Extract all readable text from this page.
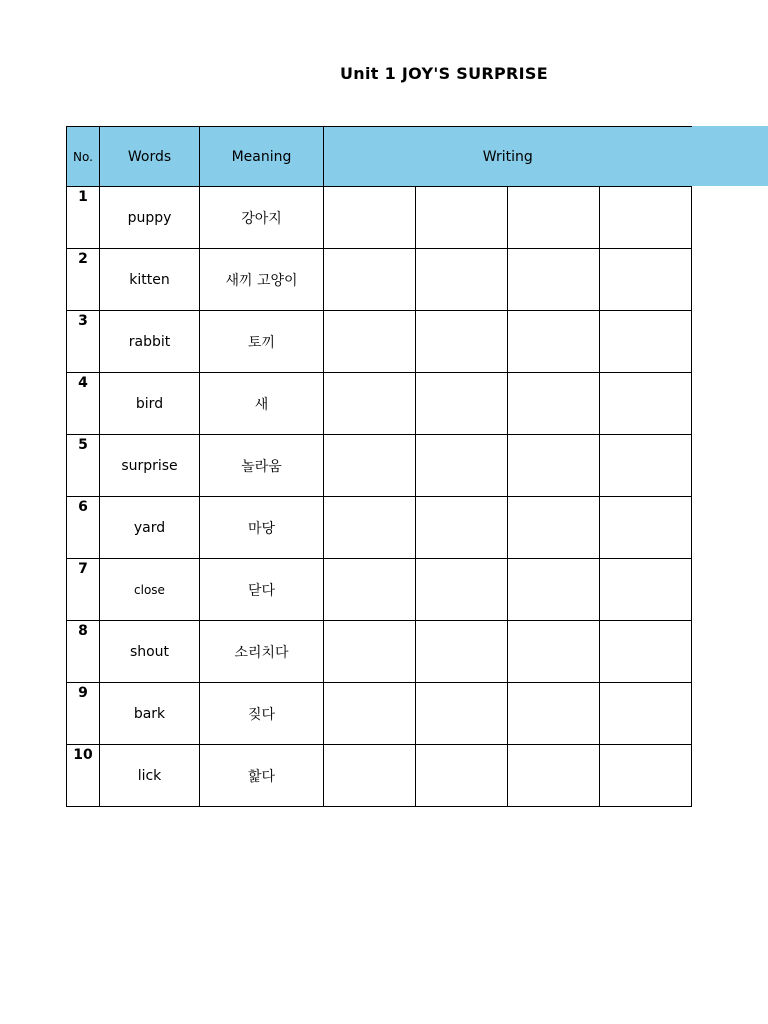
Unit 1 JOY'S SURPRISE
No.	Words	Meaning	Writing			
1	puppy	강아지				
2	kitten	새끼 고양이				
3	rabbit	토끼				
4	bird	새				
5	surprise	놀라움				
6	yard	마당				
7	close	닫다				
8	shout	소리치다				
9	bark	짖다				
10	lick	핥다				
